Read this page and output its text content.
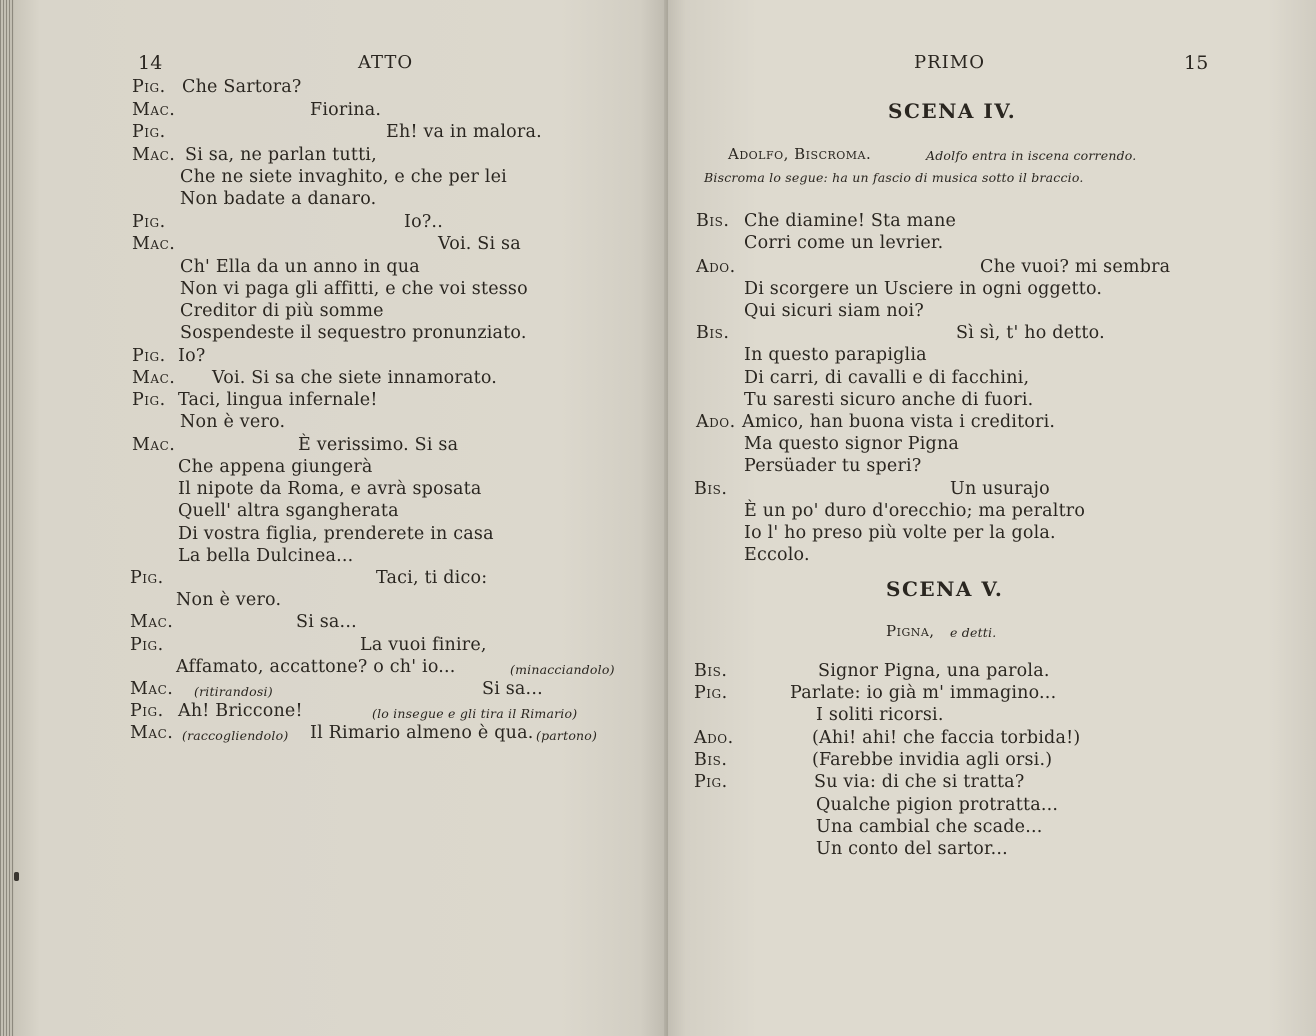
14	ATTO
Pig. Che Sartora?
Mac.	Fiorina.
Pig.	Eh! va in malora.
Mac. Si sa, ne parlan tutti,
Che ne siete invaghito, e che per lei
Non badate a danaro.
Pig.	Io?..
Mac.	Voi. Si sa
Ch' Ella da un anno in qua
Non vi paga gli affitti, e che voi stesso
Creditor di più somme
Sospendeste il sequestro pronunziato.
Pig. Io?
Mac. Voi. Si sa che siete innamorato.
Pig. Taci, lingua infernale!
Non è vero.
Mac.	È verissimo. Si sa
Che appena giungerà
Il nipote da Roma, e avrà sposata
Quell' altra sgangherata
Di vostra figlia, prenderete in casa
La bella Dulcinea...
Pig.	Taci, ti dico:
Non è vero.
Mac.	Si sa...
Pig.	La vuoi finire,
Affamato, accattone? o ch' io...	(minacciandolo)
Mac. (ritirandosi)	Si sa...
Pig. Ah! Briccone!	(lo insegue e gli tira il Rimario)
Mac. (raccogliendolo) Il Rimario almeno è qua. (partono)
PRIMO	15
SCENA IV.
Adolfo, Biscroma.	Adolfo entra in iscena correndo.
Biscroma lo segue: ha un fascio di musica sotto il braccio.
Bis. Che diamine! Sta mane
Corri come un levrier.
Ado.	Che vuoi? mi sembra
Di scorgere un Usciere in ogni oggetto.
Qui sicuri siam noi?
Bis.	Sì sì, t' ho detto.
In questo parapiglia
Di carri, di cavalli e di facchini,
Tu saresti sicuro anche di fuori.
Ado. Amico, han buona vista i creditori.
Ma questo signor Pigna
Persüader tu speri?
Bis.	Un usurajo
È un po' duro d'orecchio; ma peraltro
Io l' ho preso più volte per la gola.
Eccolo.
SCENA V.
Pigna, e detti.
Bis.	Signor Pigna, una parola.
Pig.	Parlate: io già m' immagino...
I soliti ricorsi.
Ado.	(Ahi! ahi! che faccia torbida!)
Bis.	(Farebbe invidia agli orsi.)
Pig.	Su via: di che si tratta?
Qualche pigion protratta...
Una cambial che scade...
Un conto del sartor...
